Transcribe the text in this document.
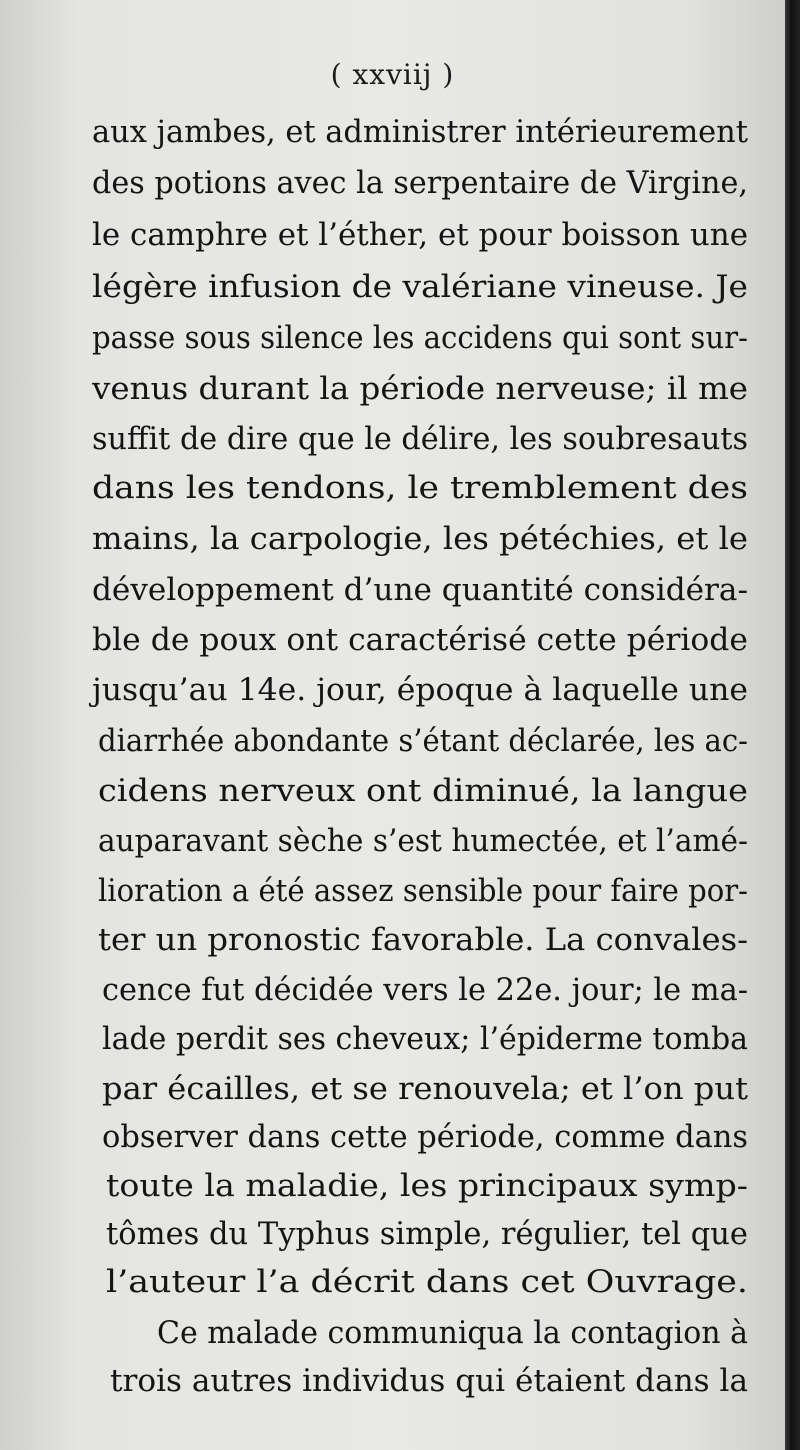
( xxviij )
aux jambes, et administrer intérieurement
des potions avec la serpentaire de Virgine,
le camphre et l’éther, et pour boisson une
légère infusion de valériane vineuse. Je
passe sous silence les accidens qui sont sur-
venus durant la période nerveuse; il me
suffit de dire que le délire, les soubresauts
dans les tendons, le tremblement des
mains, la carpologie, les pétéchies, et le
développement d’une quantité considéra-
ble de poux ont caractérisé cette période
jusqu’au 14e. jour, époque à laquelle une
diarrhée abondante s’étant déclarée, les ac-
cidens nerveux ont diminué, la langue
auparavant sèche s’est humectée, et l’amé-
lioration a été assez sensible pour faire por-
ter un pronostic favorable. La convales-
cence fut décidée vers le 22e. jour; le ma-
lade perdit ses cheveux; l’épiderme tomba
par écailles, et se renouvela; et l’on put
observer dans cette période, comme dans
toute la maladie, les principaux symp-
tômes du Typhus simple, régulier, tel que
l’auteur l’a décrit dans cet Ouvrage.
Ce malade communiqua la contagion à
trois autres individus qui étaient dans la
